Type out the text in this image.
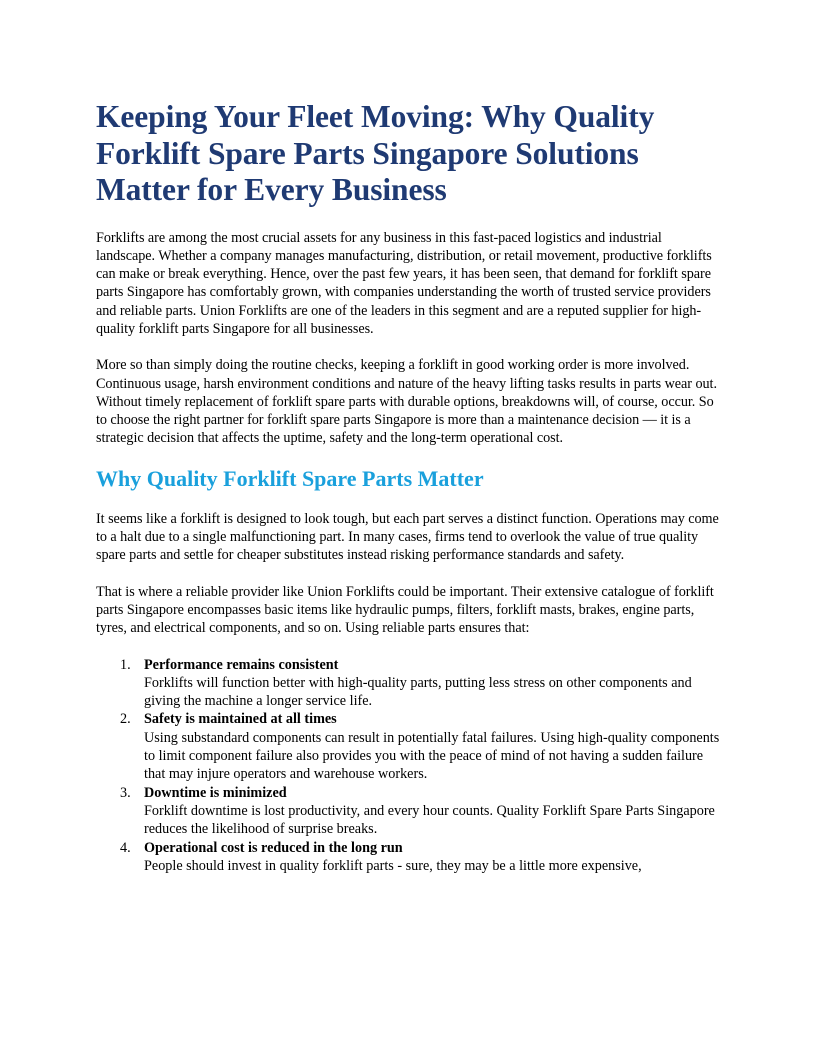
Keeping Your Fleet Moving: Why Quality Forklift Spare Parts Singapore Solutions Matter for Every Business

Forklifts are among the most crucial assets for any business in this fast-paced logistics and industrial landscape. Whether a company manages manufacturing, distribution, or retail movement, productive forklifts can make or break everything. Hence, over the past few years, it has been seen, that demand for forklift spare parts Singapore has comfortably grown, with companies understanding the worth of trusted service providers and reliable parts. Union Forklifts are one of the leaders in this segment and are a reputed supplier for high-quality forklift parts Singapore for all businesses.

More so than simply doing the routine checks, keeping a forklift in good working order is more involved. Continuous usage, harsh environment conditions and nature of the heavy lifting tasks results in parts wear out. Without timely replacement of forklift spare parts with durable options, breakdowns will, of course, occur. So to choose the right partner for forklift spare parts Singapore is more than a maintenance decision — it is a strategic decision that affects the uptime, safety and the long-term operational cost.

Why Quality Forklift Spare Parts Matter

It seems like a forklift is designed to look tough, but each part serves a distinct function. Operations may come to a halt due to a single malfunctioning part. In many cases, firms tend to overlook the value of true quality spare parts and settle for cheaper substitutes instead risking performance standards and safety.

That is where a reliable provider like Union Forklifts could be important. Their extensive catalogue of forklift parts Singapore encompasses basic items like hydraulic pumps, filters, forklift masts, brakes, engine parts, tyres, and electrical components, and so on. Using reliable parts ensures that:

1. Performance remains consistent
Forklifts will function better with high-quality parts, putting less stress on other components and giving the machine a longer service life.
2. Safety is maintained at all times
Using substandard components can result in potentially fatal failures. Using high-quality components to limit component failure also provides you with the peace of mind of not having a sudden failure that may injure operators and warehouse workers.
3. Downtime is minimized
Forklift downtime is lost productivity, and every hour counts. Quality Forklift Spare Parts Singapore reduces the likelihood of surprise breaks.
4. Operational cost is reduced in the long run
People should invest in quality forklift parts - sure, they may be a little more expensive,
